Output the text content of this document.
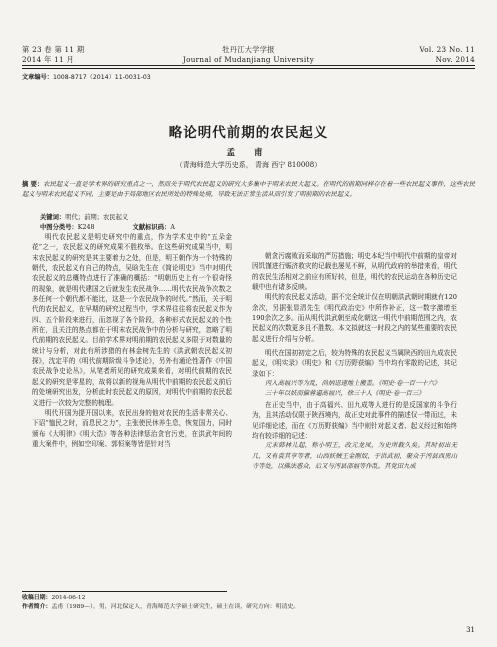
第 23 卷 第 11 期	牡丹江大学学报	Vol. 23 No. 11
2014 年 11 月	Journal of Mudanjiang University	Nov. 2014
文章编号：1008-8717（2014）11-0031-03
略论明代前期的农民起义
孟 甫
（青海师范大学历史系， 青海 西宁 810008）
摘 要：农民起义一直是学术界的研究重点之一，然而关于明代农民起义的研究大多集中于明末农民大起义。在明代的前期同样存在着一些农民起义事件，这些农民起义与明末农民起义不同，主要是由于局部地区农民所处的特殊处境，导致无法正常生活从而引发了明前期的农民起义。
关键词：明代；前期；农民起义
中图分类号：K248	文献标识码：A

明代农民起义是明史研究中的重点，作为学术史中的“五朵金花”之一，农民起义的研究成果不胜枚举。在这些研究成果当中，明末农民起义的研究是其主要着力之处，但是，明王朝作为一个特殊的朝代，农民起义有自己的特点，吴晗先生在《简论明史》当中对明代农民起义的总概特点进行了准确的概括：“明朝历史上有一个很奇怪的现象，就是明代建国之后就发生农民战争……明代农民战争次数之多任何一个朝代都不能比，这是一个农民战争的时代。”然而，关于明代的农民起义，在早期的研究过程当中，学术界往往将农民起义作为四、五个阶段来进行，而忽视了各个阶段，各种形式农民起义的个性所在，且关注的热点都在于明末农民战争中的分析与研究，忽略了明代前期的农民起义。目前学术界对明前期的农民起义多限于对数量的统计与分析，对此有所涉猎的有林金树先生的《洪武朝农民起义初探》，沈定平的《明代前期阶级斗争述论》，另外有通论性著作《中国农民战争史论丛》，从笔者所见的研究成果来看，对明代前期的农民起义的研究是零星的，故将以新的视角从明代中前期的农民起义前后的处境研究出发，分析此时农民起义的原因，对明代中前期的农民起义进行一次较为完整的梳理。

明代开国为提开国以来，农民出身的他对农民的生活非常关心、下诏“恤民之时，而息民之力”，主张使民休养生息，恢复国力，同时颁布《大明律》《明大诰》等各种法律惩治贪官污吏，在洪武年间的重大案件中，例如空印案、郭恒案等皆是针对当

朝贪污腐败而采取的严厉措施；明史本纪当中明代中前期的皇帝对因饥馑进行赈济救灾的记载也屡见不鲜，从明代政府的举措来看，明代的农民生活相对之前应有所好转，但是，明代的农民运动在各种历史记载中也有诸多反映。

明代的农民起义活动，据不完全统计仅在明朝洪武朝时期就有120余次，另据张显清先生《明代政治史》中所作补正，这一数字激增至190余次之多。而从明代洪武朝至成化朝这一明代中前期范围之内，农民起义的次数更多且不胜数。本文拟就这一时段之内的某些重要的农民起义进行介绍与分析。

明代在国初初定之后，较为特殊的农民起义当属陕西的田九成农民起义，《明实录》《明史》和《万历野获编》当中均有零散的记述，其记录如下：

丙入高福兴等为乱，尚炳迅速地上搬盖。《明史·卷一百一十六》

三十年以妖而偏蓉逼高福兴，徐三十人《明史·卷一百三》

在正史当中，由于高福兴、田九成等人进行的是反国家的斗争行为，且其活动仅限于陕西境内，故正史对此事件的描述仅一带而过，未见详细论述，而在《万历野获编》当中则针对起义者、起义经过和始终均有较详细的记述：

元末韩林儿起，称小明王，改元龙凤，为史所载久矣。其时初出无几，又有袁其亨等者，山西妖贼王金刚奴，于洪武初，聚众于沔县西黑山寺等处，以佛法惑众，后又与沔县邵福等作乱。其党田九成

收稿日期：2014-06-12
作者简介：孟甫（1989—），男，河北保定人，青海师范大学硕士研究生，硕士在读，研究方向：明清史。
31
